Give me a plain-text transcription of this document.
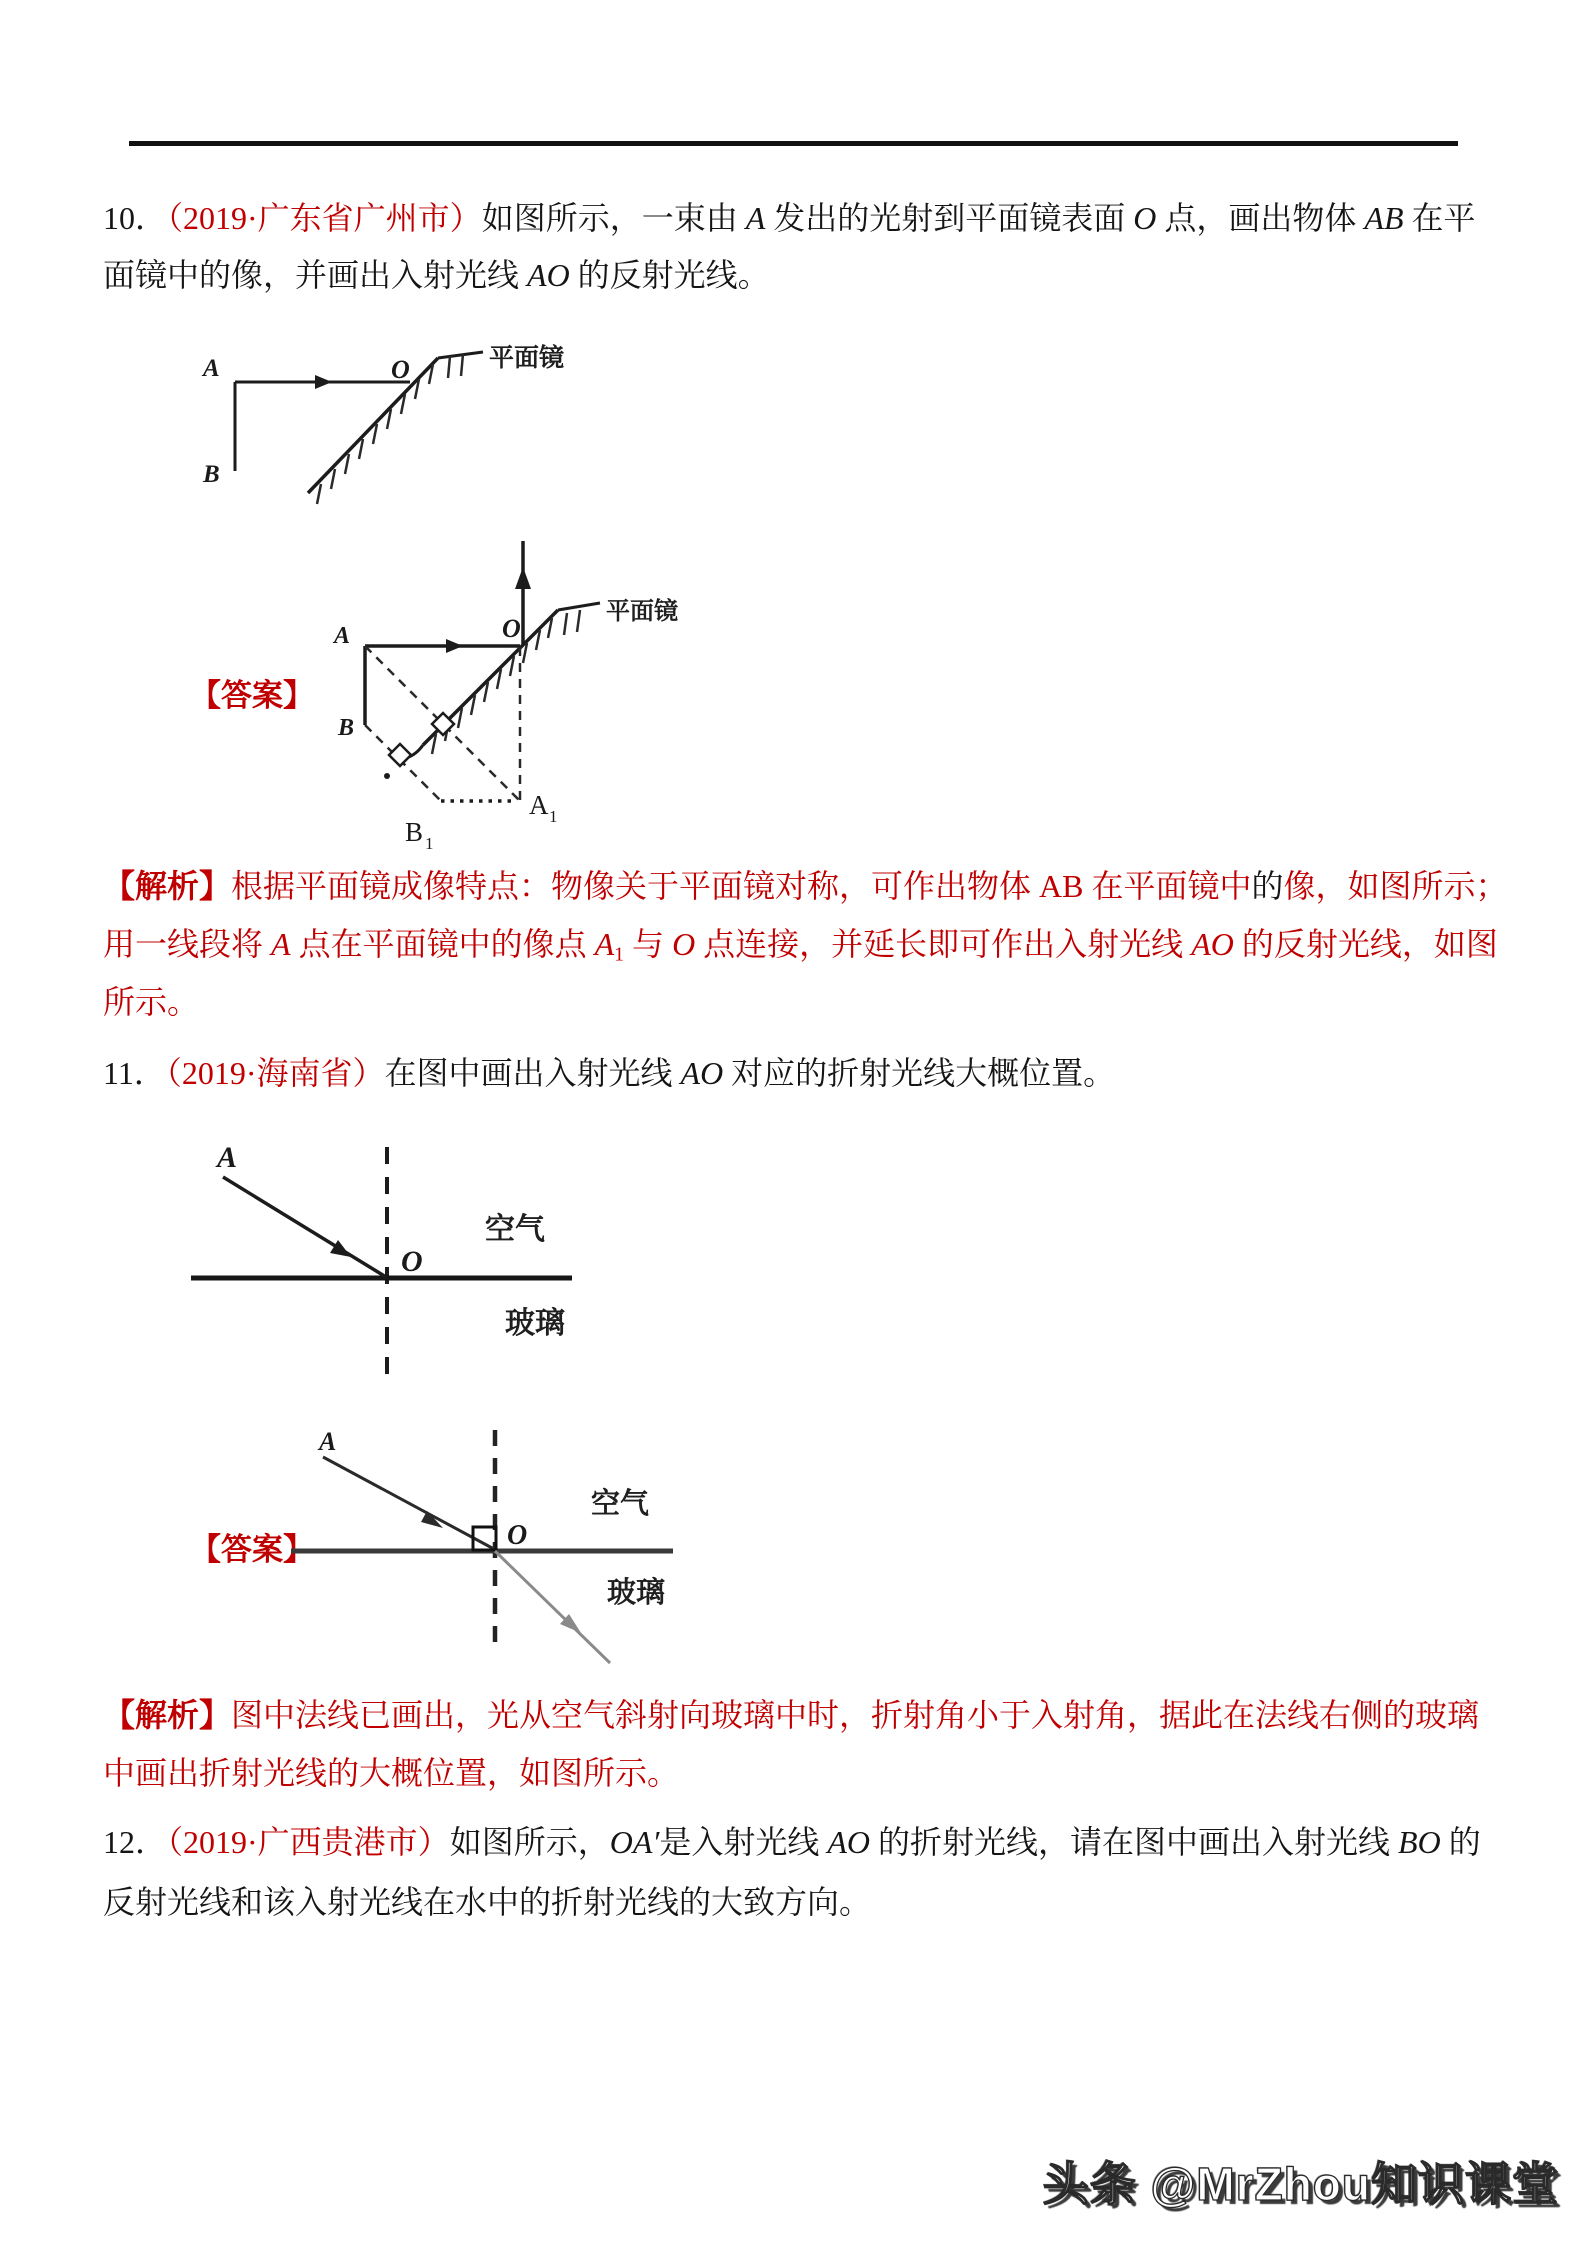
10．（2019·广东省广州市）如图所示，一束由 A 发出的光射到平面镜表面 O 点，画出物体 AB 在平
面镜中的像，并画出入射光线 AO 的反射光线。
A
B
O	平面镜
【答案】
A
B
O
平面镜
A 1
B 1
【解析】根据平面镜成像特点：物像关于平面镜对称，可作出物体 AB 在平面镜中的像，如图所示；
用一线段将 A 点在平面镜中的像点 A1 与 O 点连接，并延长即可作出入射光线 AO 的反射光线，如图
所示。
11．（2019·海南省）在图中画出入射光线 AO 对应的折射光线大概位置。
A
O
空气
玻璃
【答案】
A
O
空气
玻璃
【解析】图中法线已画出，光从空气斜射向玻璃中时，折射角小于入射角，据此在法线右侧的玻璃
中画出折射光线的大概位置，如图所示。
12．（2019·广西贵港市）如图所示，OA′是入射光线 AO 的折射光线，请在图中画出入射光线 BO 的
反射光线和该入射光线在水中的折射光线的大致方向。
头条 @MrZhou知识课堂
